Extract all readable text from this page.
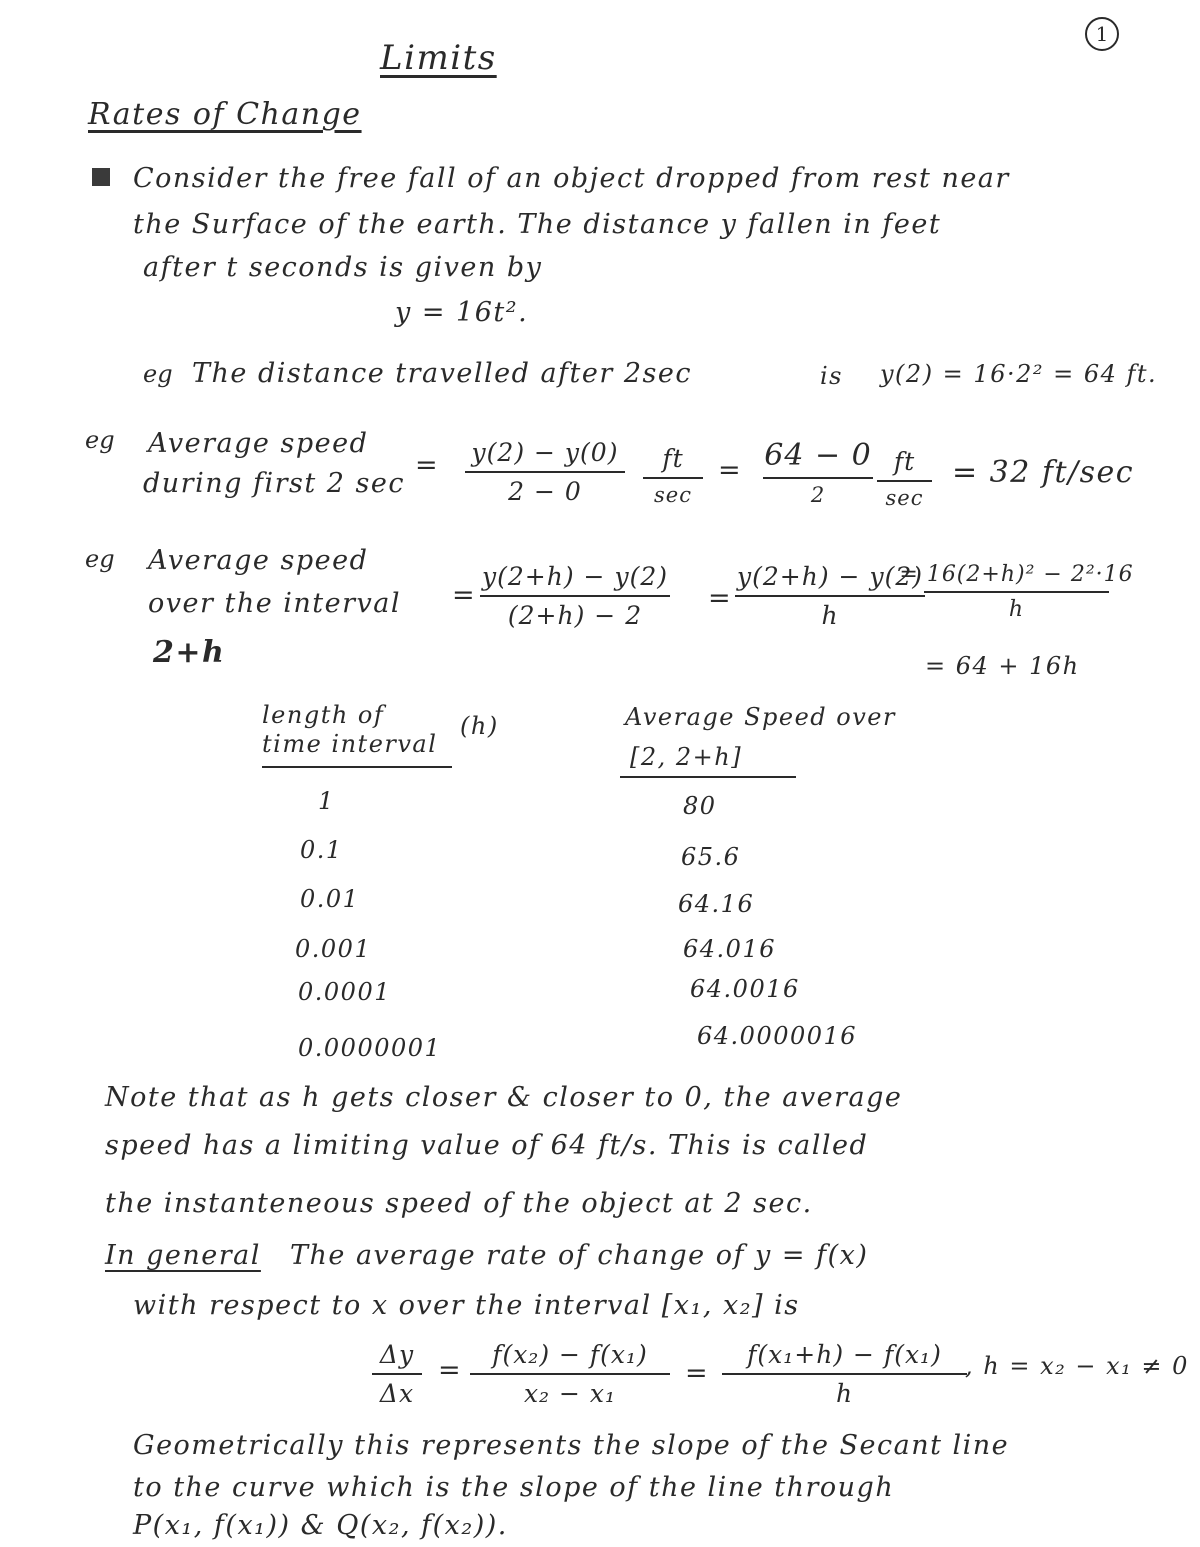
1
Limits
Rates of Change
Consider the free fall of an object dropped from rest near
the Surface of the earth. The distance y fallen in feet
after t seconds is given by
y = 16t².
eg The distance travelled after 2sec	is y(2) = 16·2² = 64 ft.
eg Average speed
during first 2 sec
= y(2) − y(0)
2 − 0
ft
sec
= 64 − 0
2
ft
sec
= 32 ft/sec
eg Average speed
over the interval
2+h
=
y(2+h) − y(2)
(2+h) − 2
=
y(2+h) − y(2)
h
= 16(2+h)² − 2²·16
h
= 64 + 16h
length of
time interval
(h)	Average Speed over
[2, 2+h]
1
0.1
0.01
0.001
0.0001
0.0000001
80
65.6
64.16
64.016
64.0016
64.0000016
Note that as h gets closer & closer to 0, the average
speed has a limiting value of 64 ft/s. This is called
the instanteneous speed of the object at 2 sec.
In general The average rate of change of y = f(x)
with respect to x over the interval [x₁, x₂] is
Δy
Δx
=
f(x₂) − f(x₁)
x₂ − x₁
=
f(x₁+h) − f(x₁)
h
, h = x₂ − x₁ ≠ 0
Geometrically this represents the slope of the Secant line
to the curve which is the slope of the line through
P(x₁, f(x₁)) & Q(x₂, f(x₂)).
